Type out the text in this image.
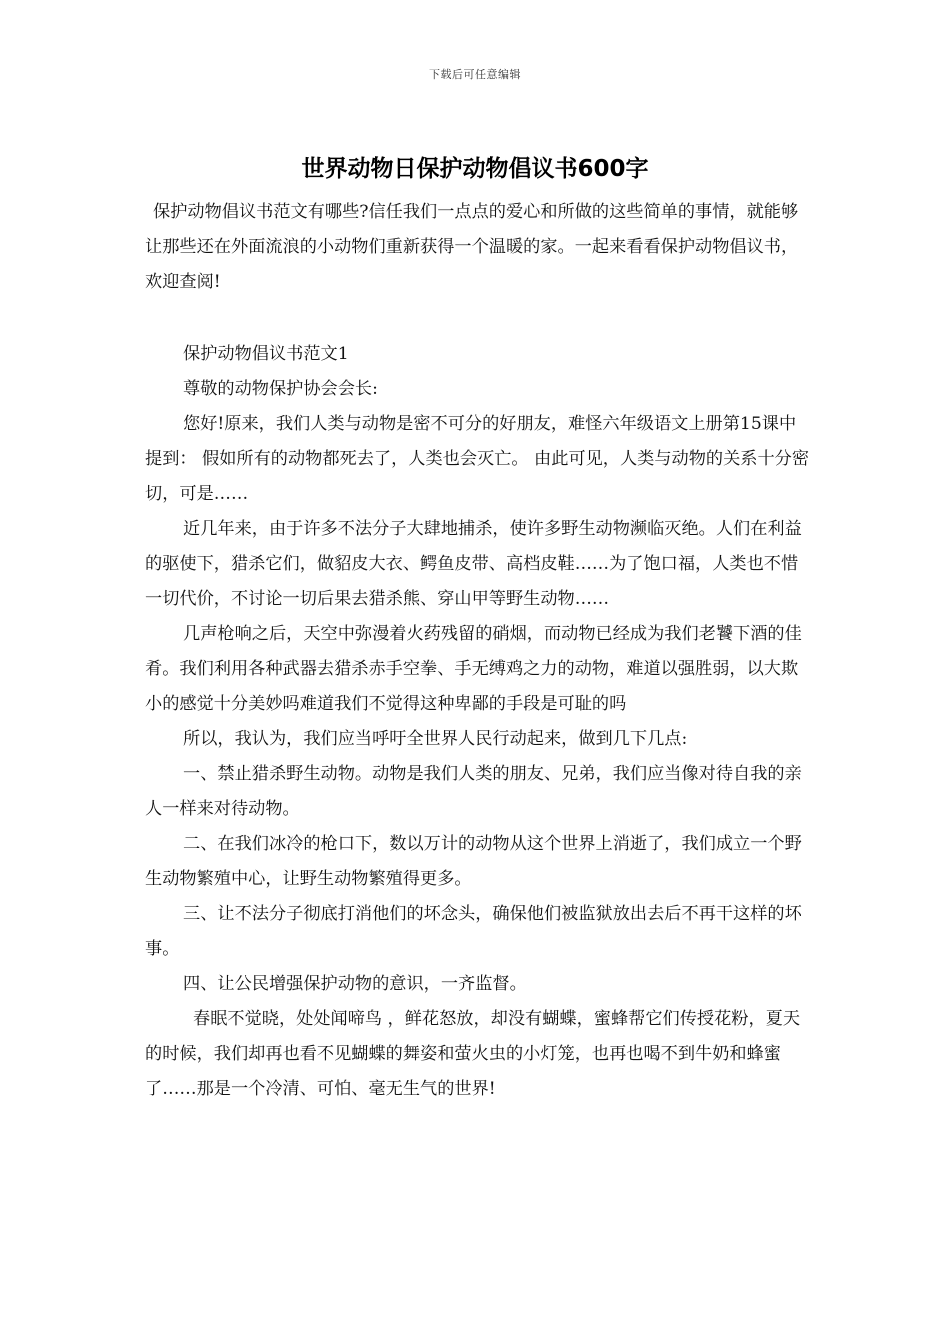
下载后可任意编辑
世界动物日保护动物倡议书600字

保护动物倡议书范文有哪些?信任我们一点点的爱心和所做的这些简单的事情，就能够让那些还在外面流浪的小动物们重新获得一个温暖的家。一起来看看保护动物倡议书，欢迎查阅!

保护动物倡议书范文1

尊敬的动物保护协会会长:

您好!原来，我们人类与动物是密不可分的好朋友，难怪六年级语文上册第15课中提到： 假如所有的动物都死去了，人类也会灭亡。 由此可见，人类与动物的关系十分密切，可是……

近几年来，由于许多不法分子大肆地捕杀，使许多野生动物濒临灭绝。人们在利益的驱使下，猎杀它们，做貂皮大衣、鳄鱼皮带、高档皮鞋……为了饱口福，人类也不惜一切代价，不讨论一切后果去猎杀熊、穿山甲等野生动物……

几声枪响之后，天空中弥漫着火药残留的硝烟，而动物已经成为我们老饕下酒的佳肴。我们利用各种武器去猎杀赤手空拳、手无缚鸡之力的动物，难道以强胜弱，以大欺小的感觉十分美妙吗难道我们不觉得这种卑鄙的手段是可耻的吗

所以，我认为，我们应当呼吁全世界人民行动起来，做到几下几点:

一、禁止猎杀野生动物。动物是我们人类的朋友、兄弟，我们应当像对待自我的亲人一样来对待动物。

二、在我们冰冷的枪口下，数以万计的动物从这个世界上消逝了，我们成立一个野生动物繁殖中心，让野生动物繁殖得更多。

三、让不法分子彻底打消他们的坏念头，确保他们被监狱放出去后不再干这样的坏事。

四、让公民增强保护动物的意识，一齐监督。

春眠不觉晓，处处闻啼鸟 ，鲜花怒放，却没有蝴蝶，蜜蜂帮它们传授花粉，夏天的时候，我们却再也看不见蝴蝶的舞姿和萤火虫的小灯笼，也再也喝不到牛奶和蜂蜜了……那是一个冷清、可怕、毫无生气的世界!
